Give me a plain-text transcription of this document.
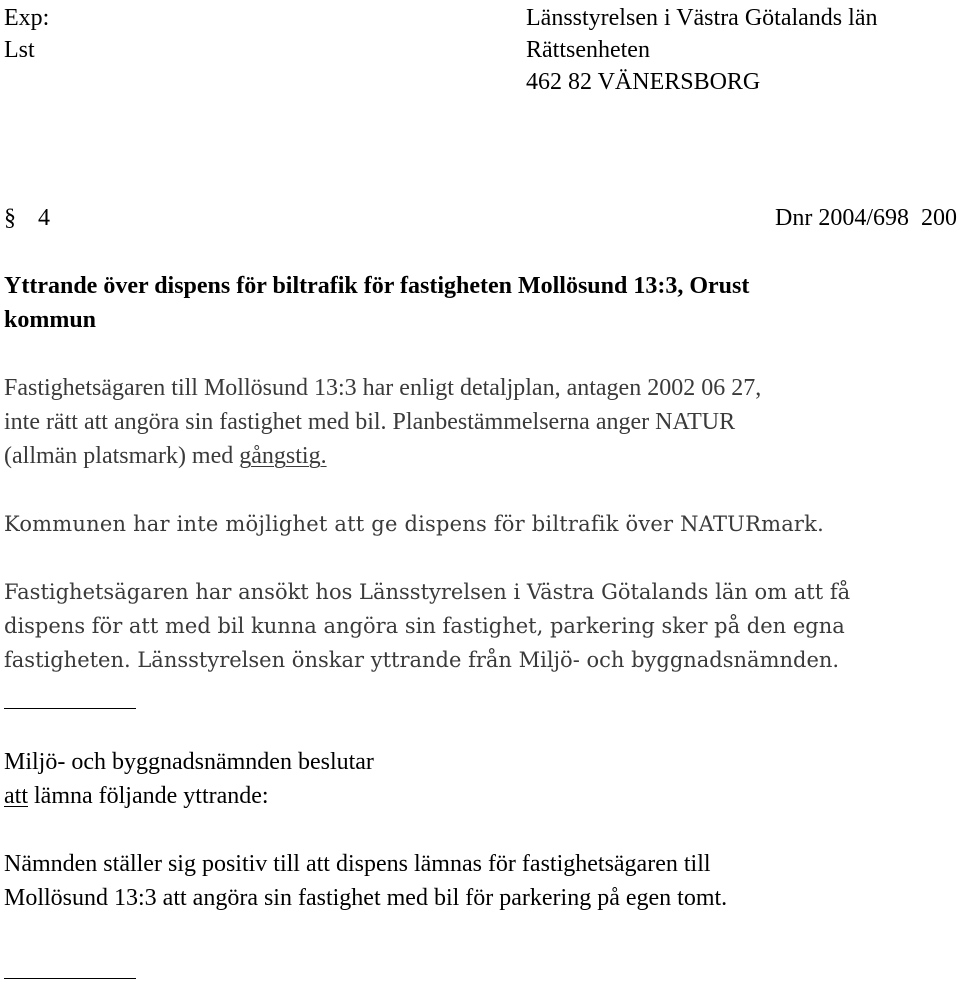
Exp:
Lst
Länsstyrelsen i Västra Götalands län
Rättsenheten
462 82 VÄNERSBORG
§ 4	Dnr 2004/698  200
Yttrande över dispens för biltrafik för fastigheten Mollösund 13:3, Orust
kommun
Fastighetsägaren till Mollösund 13:3 har enligt detaljplan, antagen 2002 06 27,
inte rätt att angöra sin fastighet med bil. Planbestämmelserna anger NATUR
(allmän platsmark) med gångstig.
Kommunen har inte möjlighet att ge dispens för biltrafik över NATURmark.
Fastighetsägaren har ansökt hos Länsstyrelsen i Västra Götalands län om att få
dispens för att med bil kunna angöra sin fastighet, parkering sker på den egna
fastigheten. Länsstyrelsen önskar yttrande från Miljö- och byggnadsnämnden.
Miljö- och byggnadsnämnden beslutar
att lämna följande yttrande:
Nämnden ställer sig positiv till att dispens lämnas för fastighetsägaren till
Mollösund 13:3 att angöra sin fastighet med bil för parkering på egen tomt.
